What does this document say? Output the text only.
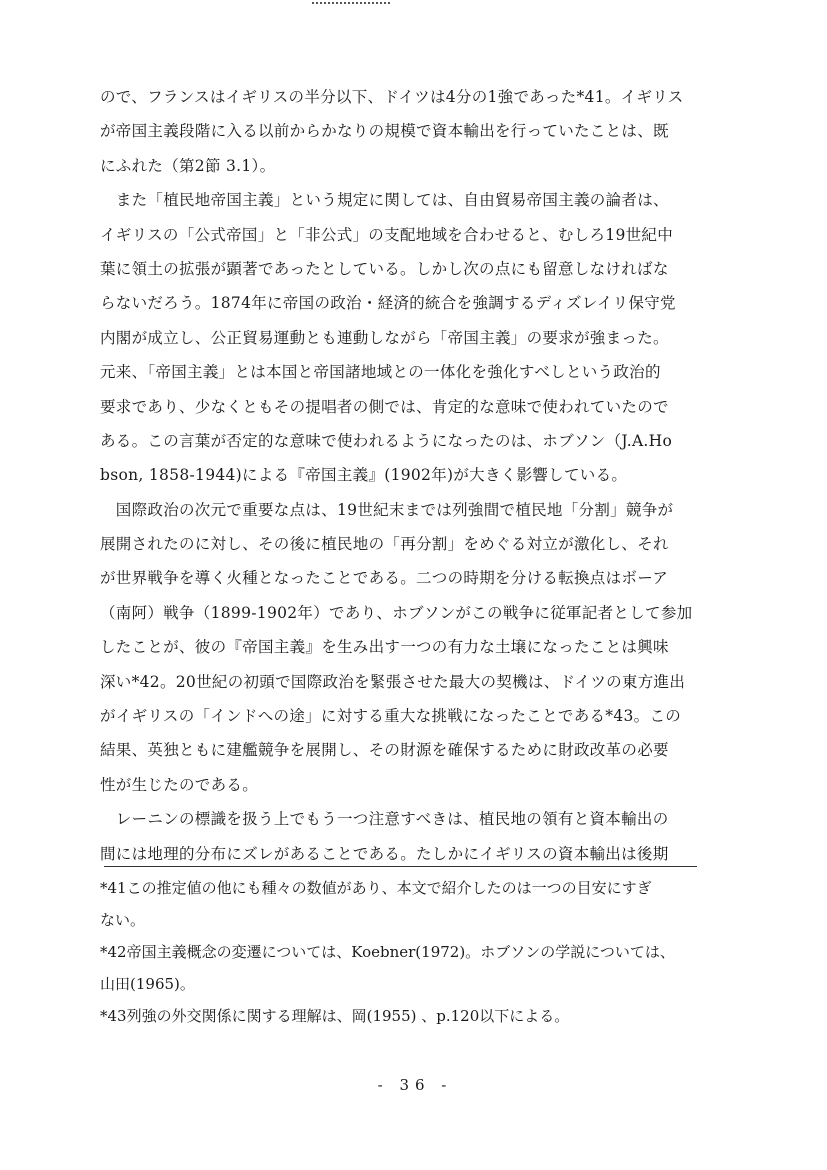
ので、フランスはイギリスの半分以下、ドイツは4分の1強であった*41。イギリス
が帝国主義段階に入る以前からかなりの規模で資本輸出を行っていたことは、既
にふれた（第2節 3.1）。
　また「植民地帝国主義」という規定に関しては、自由貿易帝国主義の論者は、
イギリスの「公式帝国」と「非公式」の支配地域を合わせると、むしろ19世紀中
葉に領土の拡張が顕著であったとしている。しかし次の点にも留意しなければな
らないだろう。1874年に帝国の政治・経済的統合を強調するディズレイリ保守党
内閣が成立し、公正貿易運動とも連動しながら「帝国主義」の要求が強まった。
元来、「帝国主義」とは本国と帝国諸地域との一体化を強化すべしという政治的
要求であり、少なくともその提唱者の側では、肯定的な意味で使われていたので
ある。この言葉が否定的な意味で使われるようになったのは、ホブソン（J.A.Ho
bson, 1858-1944)による『帝国主義』(1902年)が大きく影響している。
　国際政治の次元で重要な点は、19世紀末までは列強間で植民地「分割」競争が
展開されたのに対し、その後に植民地の「再分割」をめぐる対立が激化し、それ
が世界戦争を導く火種となったことである。二つの時期を分ける転換点はボーア
（南阿）戦争（1899-1902年）であり、ホブソンがこの戦争に従軍記者として参加
したことが、彼の『帝国主義』を生み出す一つの有力な土壌になったことは興味
深い*42。20世紀の初頭で国際政治を緊張させた最大の契機は、ドイツの東方進出
がイギリスの「インドへの途」に対する重大な挑戦になったことである*43。この
結果、英独ともに建艦競争を展開し、その財源を確保するために財政改革の必要
性が生じたのである。
　レーニンの標識を扱う上でもう一つ注意すべきは、植民地の領有と資本輸出の
間には地理的分布にズレがあることである。たしかにイギリスの資本輸出は後期
*41この推定値の他にも種々の数値があり、本文で紹介したのは一つの目安にすぎ
ない。
*42帝国主義概念の変遷については、Koebner(1972)。ホブソンの学説については、
山田(1965)。
*43列強の外交関係に関する理解は、岡(1955) 、p.120以下による。
- 36 -
